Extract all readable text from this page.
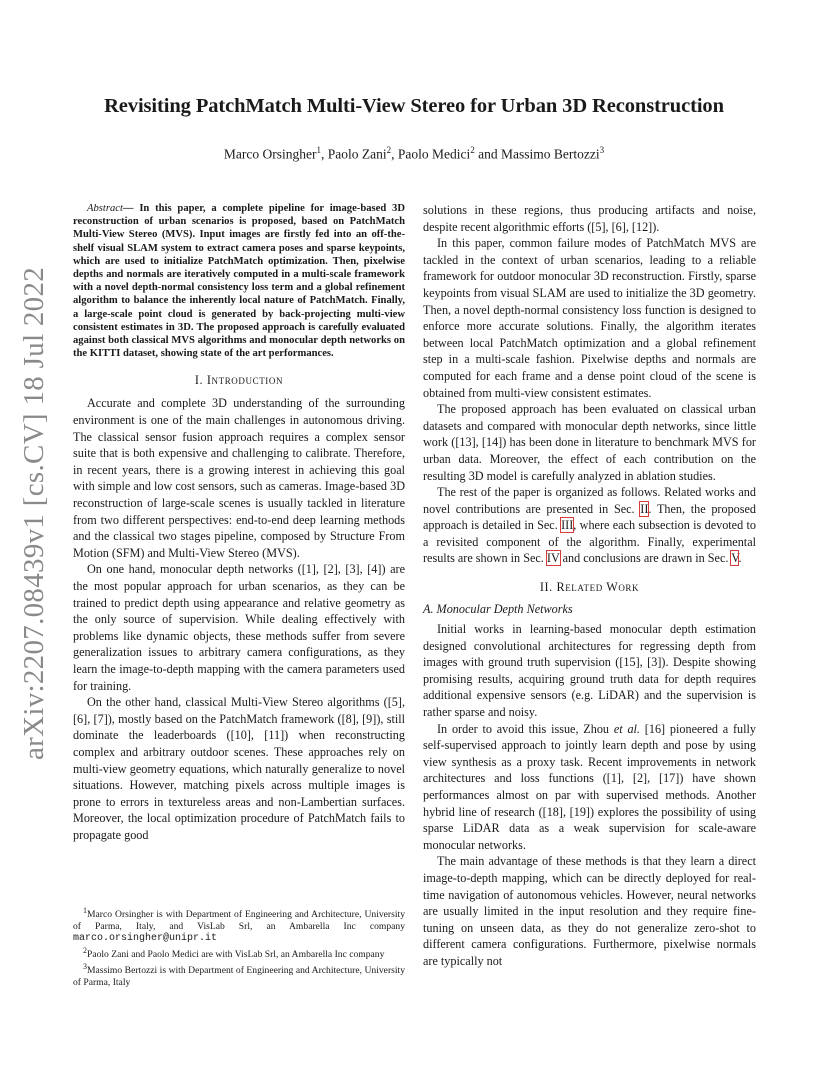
arXiv:2207.08439v1 [cs.CV] 18 Jul 2022
Revisiting PatchMatch Multi-View Stereo for Urban 3D Reconstruction
Marco Orsingher$^1$, Paolo Zani$^2$, Paolo Medici$^2$ and Massimo Bertozzi$^3$

Abstract— In this paper, a complete pipeline for image-based 3D reconstruction of urban scenarios is proposed, based on PatchMatch Multi-View Stereo (MVS). Input images are firstly fed into an off-the-shelf visual SLAM system to extract camera poses and sparse keypoints, which are used to initialize PatchMatch optimization. Then, pixelwise depths and normals are iteratively computed in a multi-scale framework with a novel depth-normal consistency loss term and a global refinement algorithm to balance the inherently local nature of PatchMatch. Finally, a large-scale point cloud is generated by back-projecting multi-view consistent estimates in 3D. The proposed approach is carefully evaluated against both classical MVS algorithms and monocular depth networks on the KITTI dataset, showing state of the art performances.

I. Introduction

Accurate and complete 3D understanding of the surrounding environment is one of the main challenges in autonomous driving. The classical sensor fusion approach requires a complex sensor suite that is both expensive and challenging to calibrate. Therefore, in recent years, there is a growing interest in achieving this goal with simple and low cost sensors, such as cameras. Image-based 3D reconstruction of large-scale scenes is usually tackled in literature from two different perspectives: end-to-end deep learning methods and the classical two stages pipeline, composed by Structure From Motion (SFM) and Multi-View Stereo (MVS).

On one hand, monocular depth networks ([1], [2], [3], [4]) are the most popular approach for urban scenarios, as they can be trained to predict depth using appearance and relative geometry as the only source of supervision. While dealing effectively with problems like dynamic objects, these methods suffer from severe generalization issues to arbitrary camera configurations, as they learn the image-to-depth mapping with the camera parameters used for training.

On the other hand, classical Multi-View Stereo algorithms ([5], [6], [7]), mostly based on the PatchMatch framework ([8], [9]), still dominate the leaderboards ([10], [11]) when reconstructing complex and arbitrary outdoor scenes. These approaches rely on multi-view geometry equations, which naturally generalize to novel situations. However, matching pixels across multiple images is prone to errors in textureless areas and non-Lambertian surfaces. Moreover, the local optimization procedure of PatchMatch fails to propagate good

$^1$Marco Orsingher is with Department of Engineering and Architecture, University of Parma, Italy, and VisLab Srl, an Ambarella Inc company marco.orsingher@unipr.it

$^2$Paolo Zani and Paolo Medici are with VisLab Srl, an Ambarella Inc company

$^3$Massimo Bertozzi is with Department of Engineering and Architecture, University of Parma, Italy

solutions in these regions, thus producing artifacts and noise, despite recent algorithmic efforts ([5], [6], [12]).

In this paper, common failure modes of PatchMatch MVS are tackled in the context of urban scenarios, leading to a reliable framework for outdoor monocular 3D reconstruction. Firstly, sparse keypoints from visual SLAM are used to initialize the 3D geometry. Then, a novel depth-normal consistency loss function is designed to enforce more accurate solutions. Finally, the algorithm iterates between local PatchMatch optimization and a global refinement step in a multi-scale fashion. Pixelwise depths and normals are computed for each frame and a dense point cloud of the scene is obtained from multi-view consistent estimates.

The proposed approach has been evaluated on classical urban datasets and compared with monocular depth networks, since little work ([13], [14]) has been done in literature to benchmark MVS for urban data. Moreover, the effect of each contribution on the resulting 3D model is carefully analyzed in ablation studies.

The rest of the paper is organized as follows. Related works and novel contributions are presented in Sec. II. Then, the proposed approach is detailed in Sec. III, where each subsection is devoted to a revisited component of the algorithm. Finally, experimental results are shown in Sec. IV and conclusions are drawn in Sec. V.

II. Related Work
A. Monocular Depth Networks

Initial works in learning-based monocular depth estimation designed convolutional architectures for regressing depth from images with ground truth supervision ([15], [3]). Despite showing promising results, acquiring ground truth data for depth requires additional expensive sensors (e.g. LiDAR) and the supervision is rather sparse and noisy.

In order to avoid this issue, Zhou et al. [16] pioneered a fully self-supervised approach to jointly learn depth and pose by using view synthesis as a proxy task. Recent improvements in network architectures and loss functions ([1], [2], [17]) have shown performances almost on par with supervised methods. Another hybrid line of research ([18], [19]) explores the possibility of using sparse LiDAR data as a weak supervision for scale-aware monocular networks.

The main advantage of these methods is that they learn a direct image-to-depth mapping, which can be directly deployed for real-time navigation of autonomous vehicles. However, neural networks are usually limited in the input resolution and they require fine-tuning on unseen data, as they do not generalize zero-shot to different camera configurations. Furthermore, pixelwise normals are typically not
